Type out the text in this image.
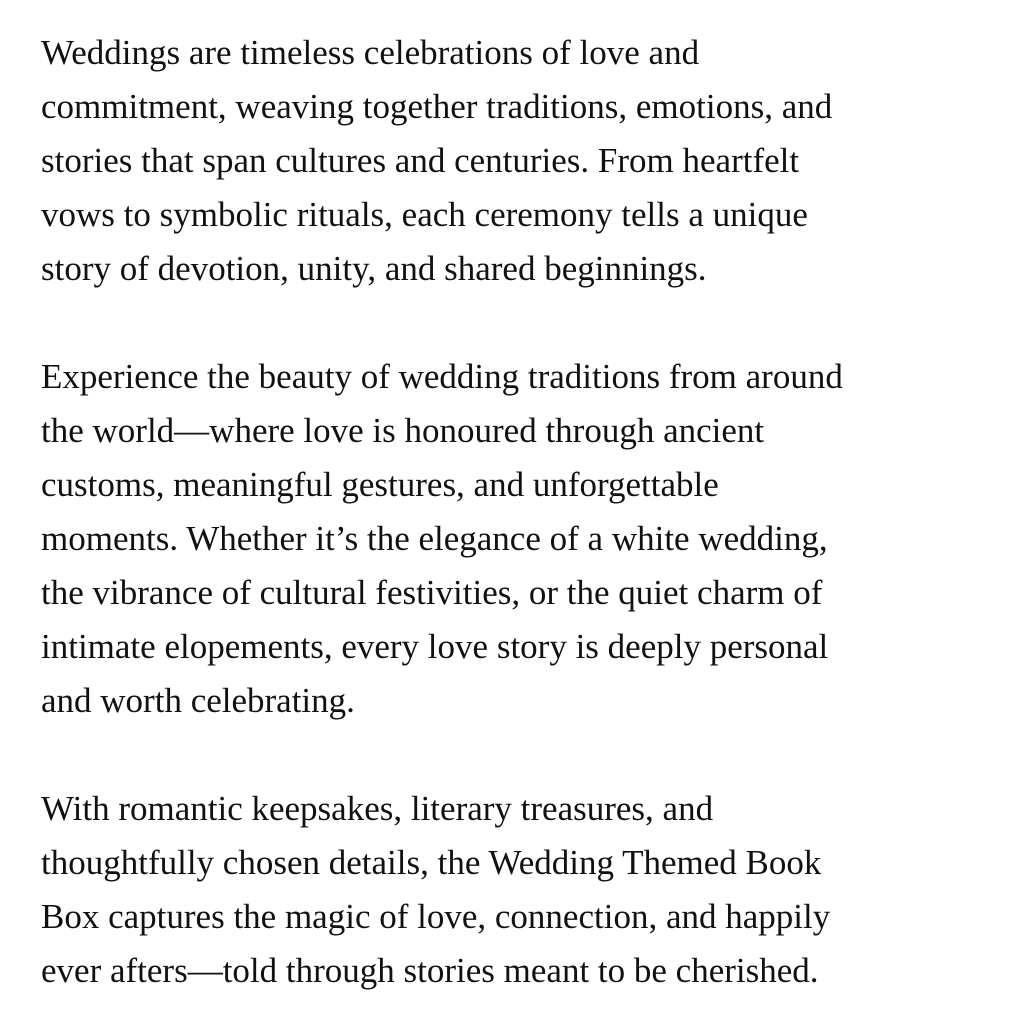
Weddings are timeless celebrations of love and
commitment, weaving together traditions, emotions, and
stories that span cultures and centuries. From heartfelt
vows to symbolic rituals, each ceremony tells a unique
story of devotion, unity, and shared beginnings.

Experience the beauty of wedding traditions from around
the world—where love is honoured through ancient
customs, meaningful gestures, and unforgettable
moments. Whether it’s the elegance of a white wedding,
the vibrance of cultural festivities, or the quiet charm of
intimate elopements, every love story is deeply personal
and worth celebrating.

With romantic keepsakes, literary treasures, and
thoughtfully chosen details, the Wedding Themed Book
Box captures the magic of love, connection, and happily
ever afters—told through stories meant to be cherished.
